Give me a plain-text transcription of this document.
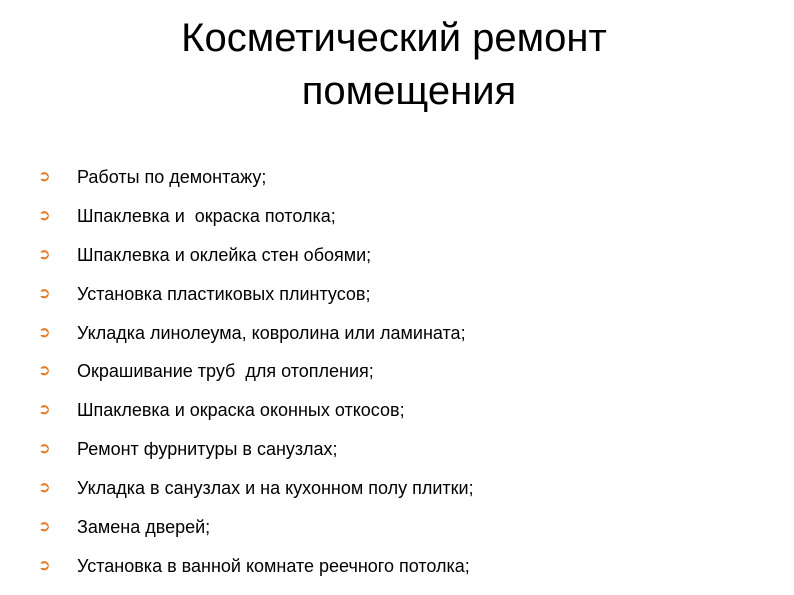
Косметический ремонт
помещения
➲	Работы по демонтажу;
➲	Шпаклевка и  окраска потолка;
➲	Шпаклевка и оклейка стен обоями;
➲	Установка пластиковых плинтусов;
➲	Укладка линолеума, ковролина или ламината;
➲	Окрашивание труб  для отопления;
➲	Шпаклевка и окраска оконных откосов;
➲	Ремонт фурнитуры в санузлах;
➲	Укладка в санузлах и на кухонном полу плитки;
➲	Замена дверей;
➲	Установка в ванной комнате реечного потолка;
